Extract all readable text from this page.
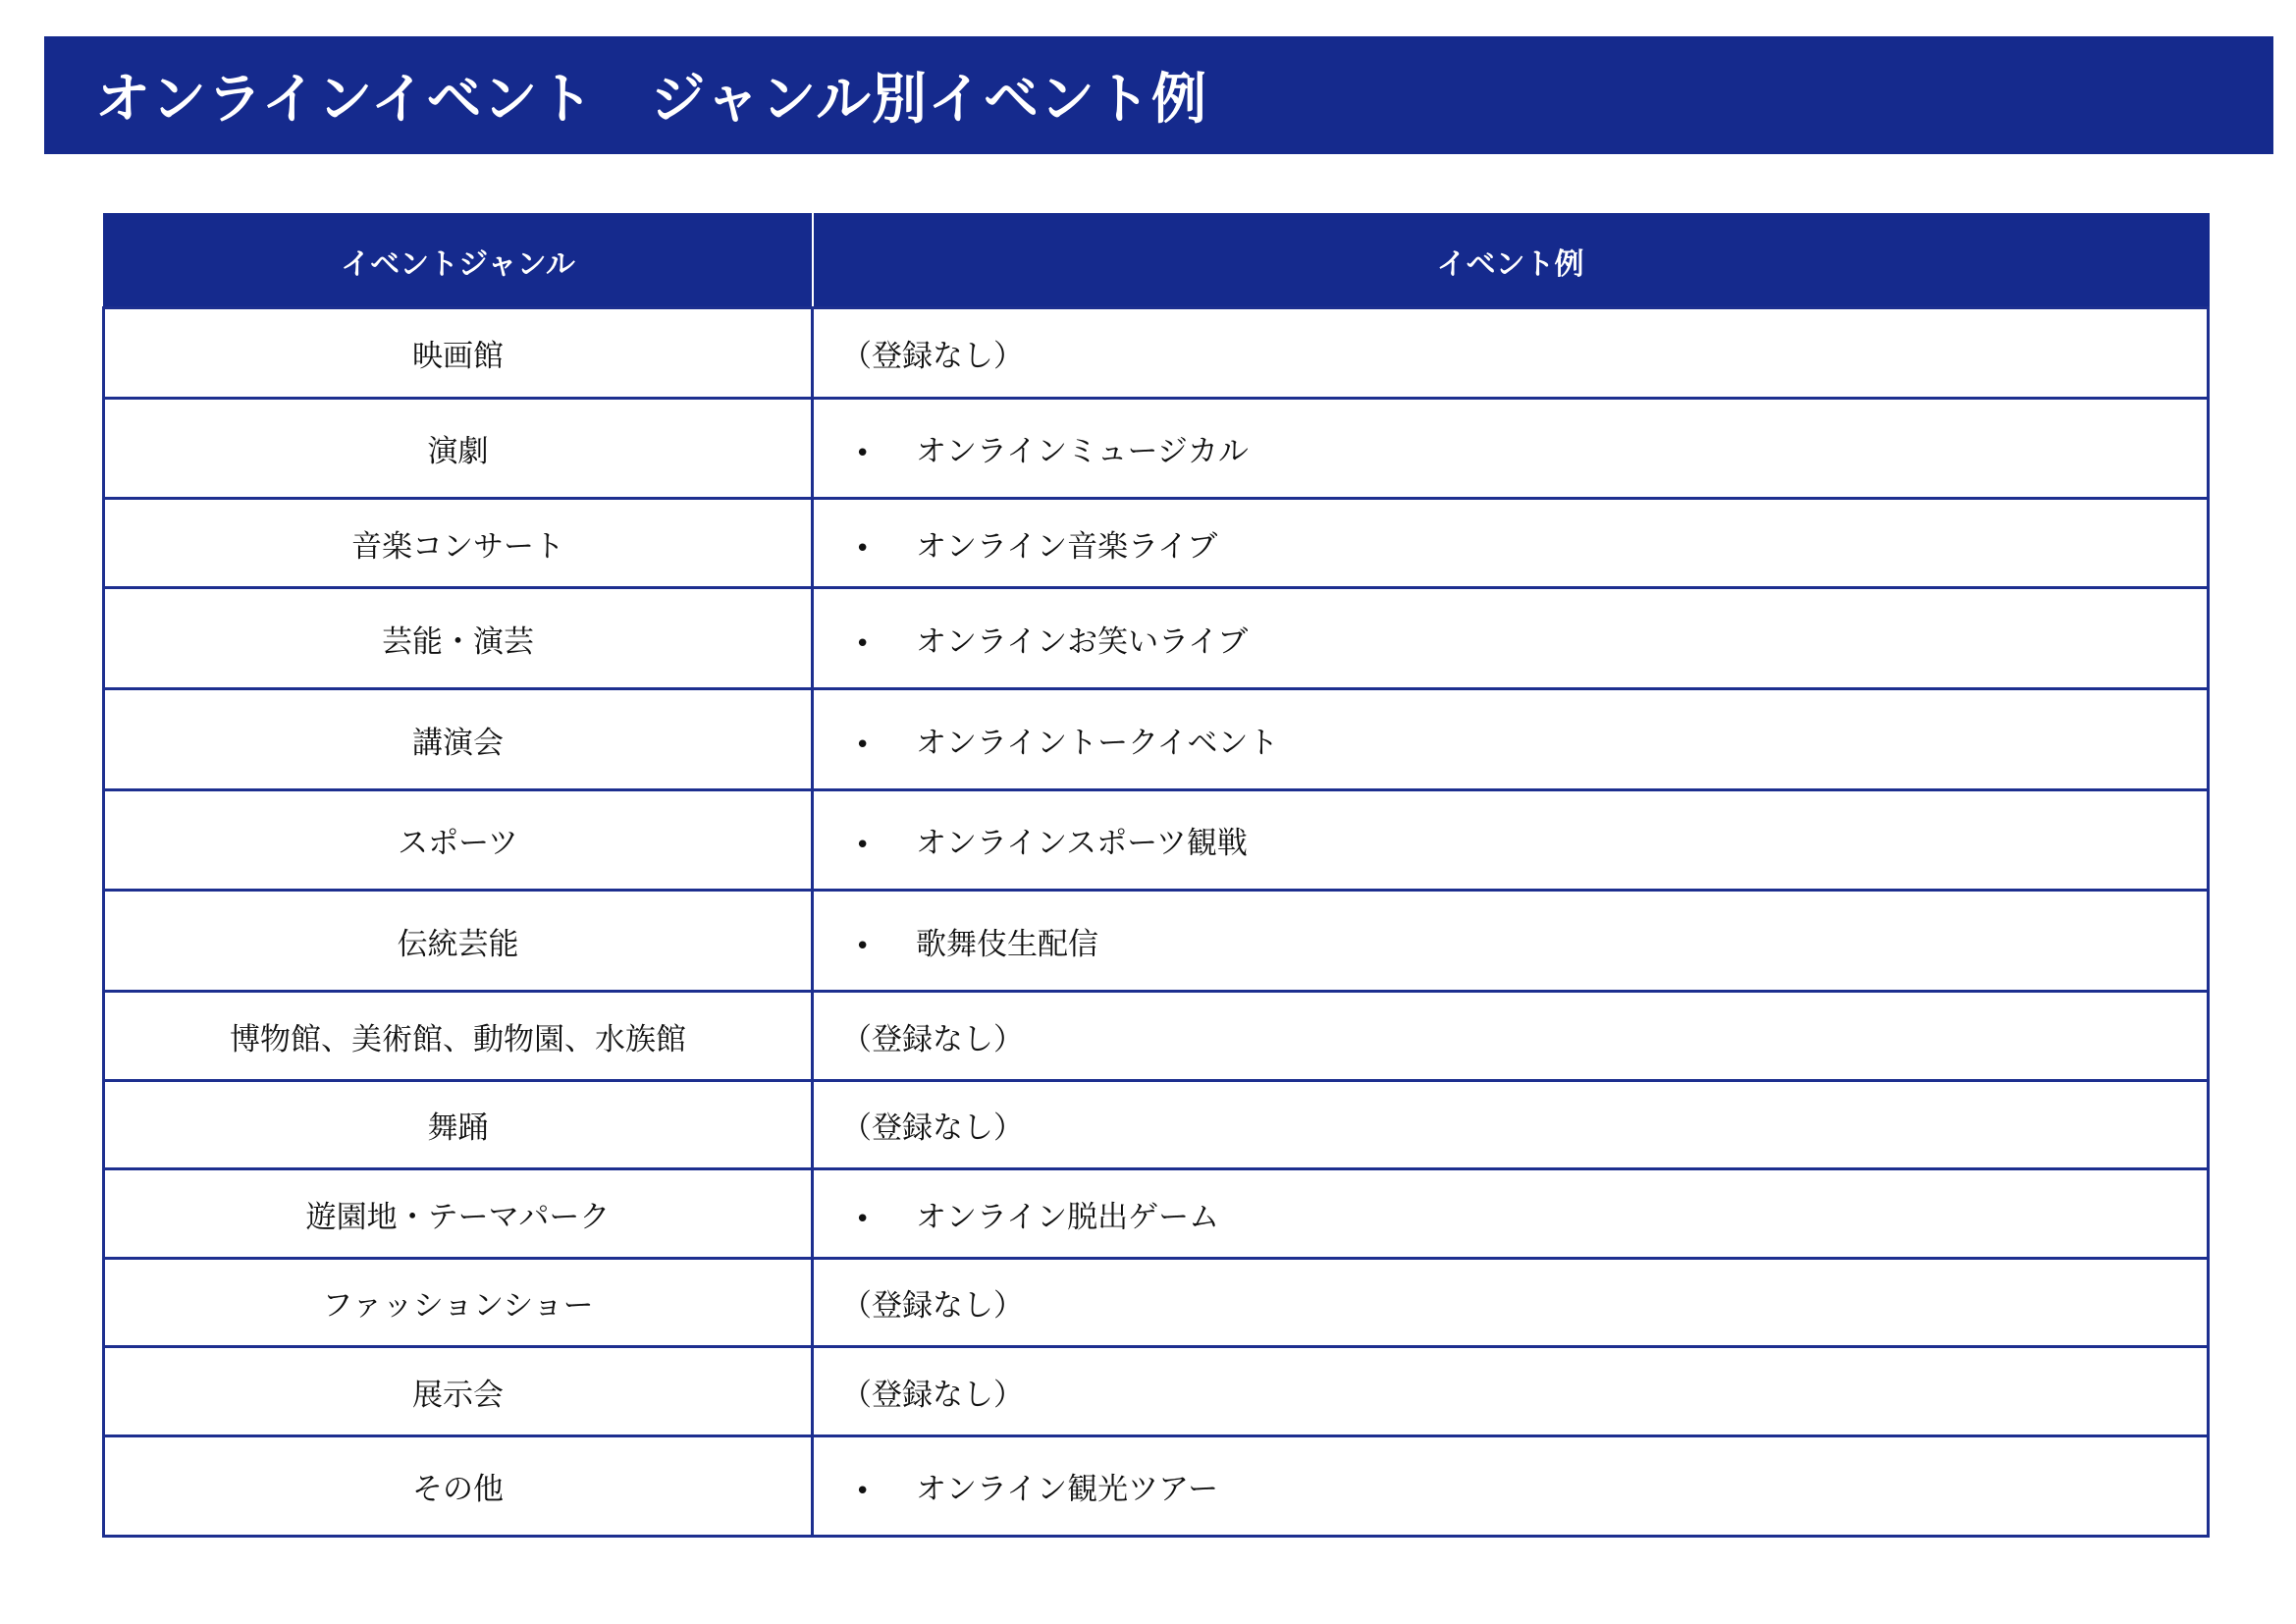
オンラインイベント　ジャンル別イベント例
イベントジャンル	イベント例
映画館	（登録なし）
演劇	• オンラインミュージカル
音楽コンサート	• オンライン音楽ライブ
芸能・演芸	• オンラインお笑いライブ
講演会	• オンライントークイベント
スポーツ	• オンラインスポーツ観戦
伝統芸能	• 歌舞伎生配信
博物館、美術館、動物園、水族館	（登録なし）
舞踊	（登録なし）
遊園地・テーマパーク	• オンライン脱出ゲーム
ファッションショー	（登録なし）
展示会	（登録なし）
その他	• オンライン観光ツアー
